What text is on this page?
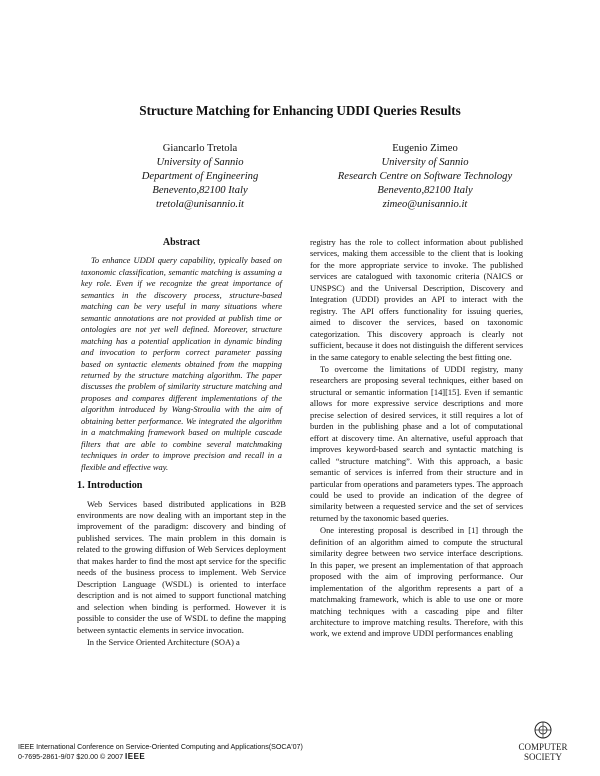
Structure Matching for Enhancing UDDI Queries Results
Giancarlo Tretola
University of Sannio
Department of Engineering
Benevento,82100 Italy
tretola@unisannio.it
Eugenio Zimeo
University of Sannio
Research Centre on Software Technology
Benevento,82100 Italy
zimeo@unisannio.it
Abstract
To enhance UDDI query capability, typically based on taxonomic classification, semantic matching is assuming a key role. Even if we recognize the great importance of semantics in the discovery process, structure-based matching can be very useful in many situations where semantic annotations are not provided at publish time or ontologies are not yet well defined. Moreover, structure matching has a potential application in dynamic binding and invocation to perform correct parameter passing based on syntactic elements obtained from the mapping returned by the structure matching algorithm. The paper discusses the problem of similarity structure matching and proposes and compares different implementations of the algorithm introduced by Wang-Stroulia with the aim of obtaining better performance. We integrated the algorithm in a matchmaking framework based on multiple cascade filters that are able to combine several matchmaking techniques in order to improve precision and recall in a flexible and effective way.
1. Introduction

Web Services based distributed applications in B2B environments are now dealing with an important step in the improvement of the paradigm: discovery and binding of published services. The main problem in this domain is related to the growing diffusion of Web Services deployment that makes harder to find the most apt service for the specific needs of the business process to implement. Web Service Description Language (WSDL) is oriented to interface description and is not aimed to support functional matching and selection when binding is performed. However it is possible to consider the use of WSDL to define the mapping between syntactic elements in service invocation.

In the Service Oriented Architecture (SOA) a

registry has the role to collect information about published services, making them accessible to the client that is looking for the more appropriate service to invoke. The published services are catalogued with taxonomic criteria (NAICS or UNSPSC) and the Universal Description, Discovery and Integration (UDDI) provides an API to interact with the registry. The API offers functionality for issuing queries, aimed to discover the services, based on taxonomic categorization. This discovery approach is clearly not sufficient, because it does not distinguish the different services in the same category to enable selecting the best fitting one.

To overcome the limitations of UDDI registry, many researchers are proposing several techniques, either based on structural or semantic information [14][15]. Even if semantic allows for more expressive service descriptions and more precise selection of desired services, it still requires a lot of burden in the publishing phase and a lot of computational effort at discovery time. An alternative, useful approach that improves keyword-based search and syntactic matching is called “structure matching”. With this approach, a basic semantic of services is inferred from their structure and in particular from operations and parameters types. The approach could be used to provide an indication of the degree of similarity between a requested service and the set of services returned by the taxonomic based queries.

One interesting proposal is described in [1] through the definition of an algorithm aimed to compute the structural similarity degree between two service interface descriptions. In this paper, we present an implementation of that approach proposed with the aim of improving performance. Our implementation of the algorithm represents a part of a matchmaking framework, which is able to use one or more matching techniques with a cascading pipe and filter architecture to improve matching results. Therefore, with this work, we extend and improve UDDI performances enabling

IEEE International Conference on Service-Oriented Computing and Applications(SOCA'07)
0-7695-2861-9/07 $20.00 © 2007 IEEE
COMPUTER
SOCIETY
